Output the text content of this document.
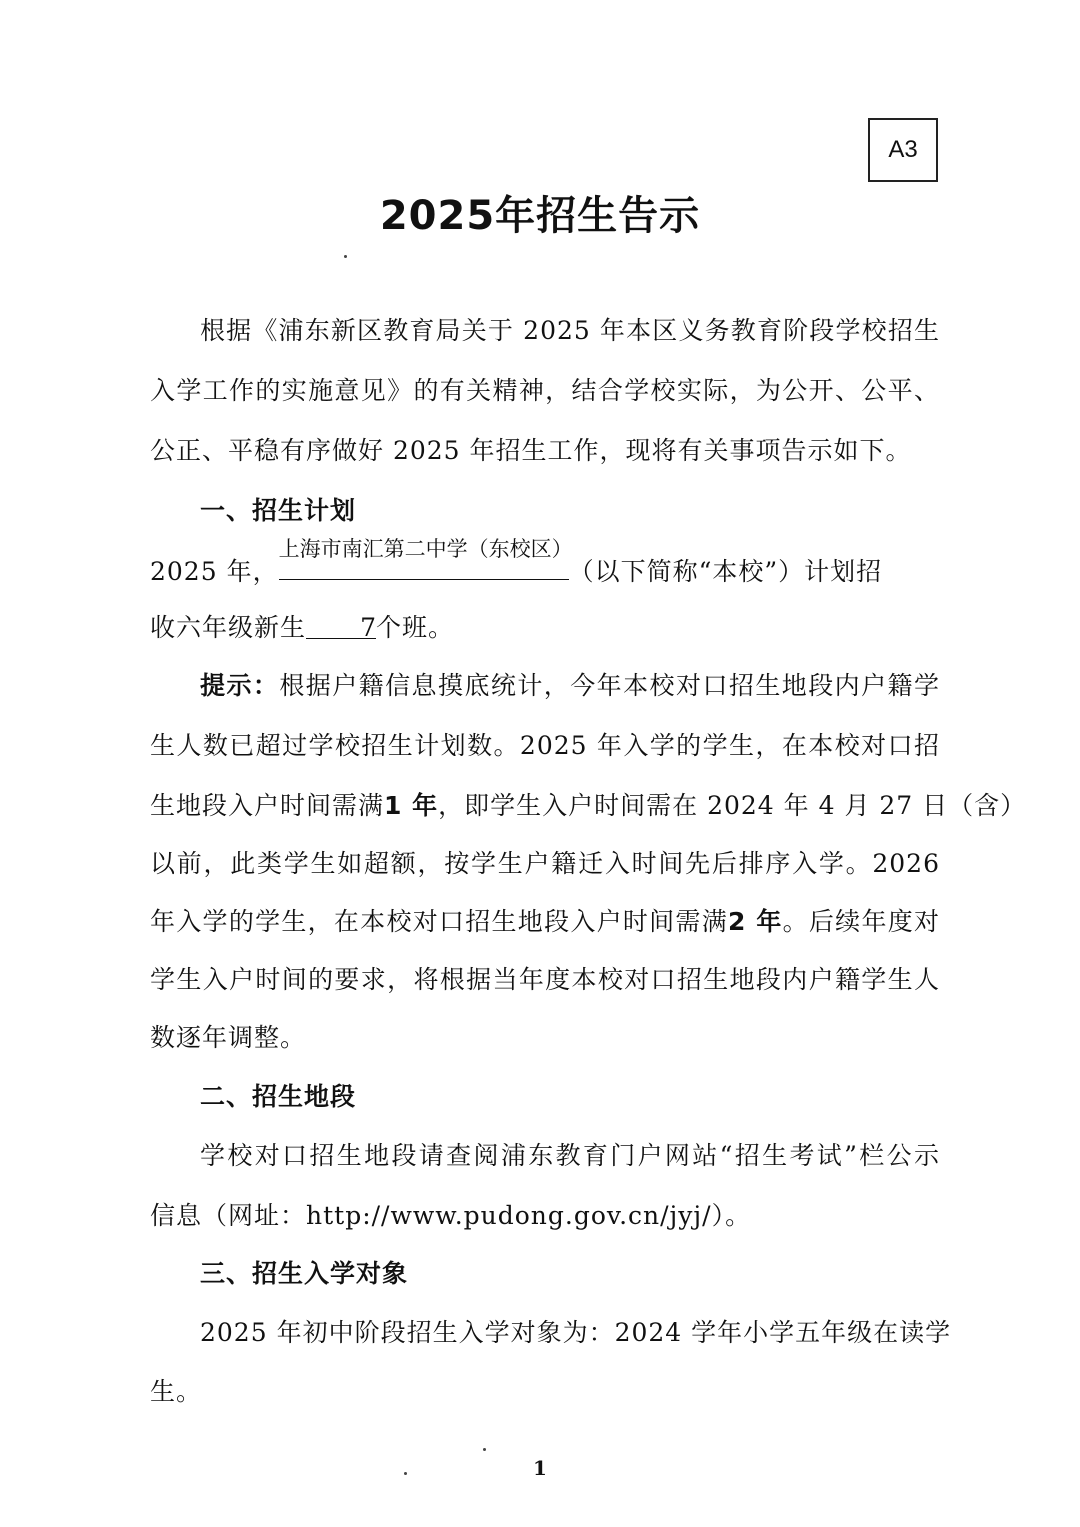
A3
2025年招生告示
根据《浦东新区教育局关于 2025 年本区义务教育阶段学校招生
入学工作的实施意见》的有关精神，结合学校实际，为公开、公平、
公正、平稳有序做好 2025 年招生工作，现将有关事项告示如下。
一、招生计划
2025 年，
上海市南汇第二中学（东校区）
（以下简称“本校”）计划招
收六年级新生 7个班。
提示：根据户籍信息摸底统计，今年本校对口招生地段内户籍学
生人数已超过学校招生计划数。2025 年入学的学生，在本校对口招
生地段入户时间需满1 年，即学生入户时间需在 2024 年 4 月 27 日（含）
以前，此类学生如超额，按学生户籍迁入时间先后排序入学。2026
年入学的学生，在本校对口招生地段入户时间需满2 年。后续年度对
学生入户时间的要求，将根据当年度本校对口招生地段内户籍学生人
数逐年调整。
二、招生地段
学校对口招生地段请查阅浦东教育门户网站“招生考试”栏公示
信息（网址：http://www.pudong.gov.cn/jyj/）。
三、招生入学对象
2025 年初中阶段招生入学对象为：2024 学年小学五年级在读学
生。
1
